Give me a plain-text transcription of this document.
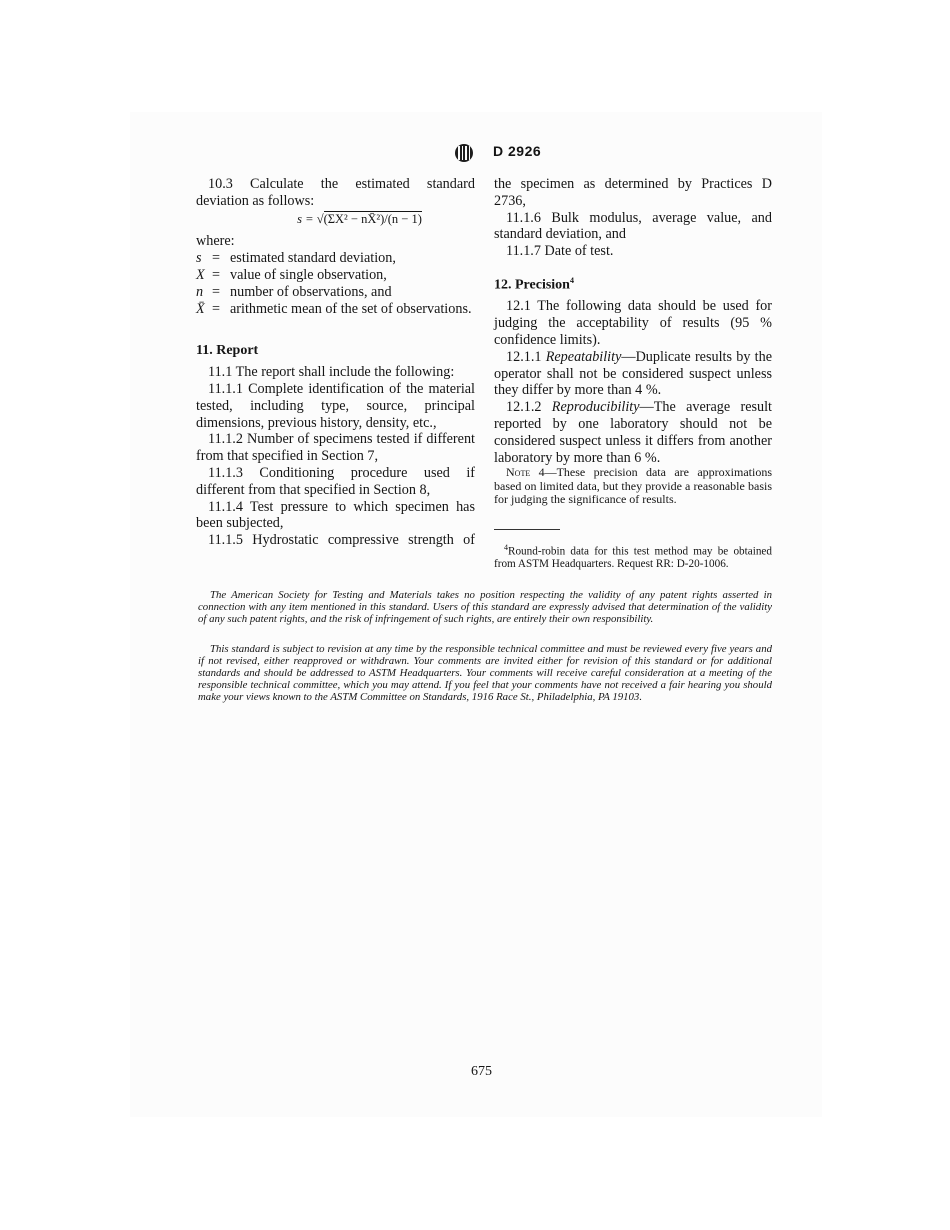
D 2926

10.3 Calculate the estimated standard deviation as follows:

s = √(ΣX² − nX̄²)/(n − 1)

where:

s = estimated standard deviation,
X = value of single observation,
n = number of observations, and
X̄ = arithmetic mean of the set of observations.
11. Report

11.1 The report shall include the following:

11.1.1 Complete identification of the material tested, including type, source, principal dimensions, previous history, density, etc.,

11.1.2 Number of specimens tested if different from that specified in Section 7,

11.1.3 Conditioning procedure used if different from that specified in Section 8,

11.1.4 Test pressure to which specimen has been subjected,

11.1.5 Hydrostatic compressive strength of

the specimen as determined by Practices D 2736,

11.1.6 Bulk modulus, average value, and standard deviation, and

11.1.7 Date of test.

12. Precision$^4$

12.1 The following data should be used for judging the acceptability of results (95 % confidence limits).

12.1.1 Repeatability—Duplicate results by the operator shall not be considered suspect unless they differ by more than 4 %.

12.1.2 Reproducibility—The average result reported by one laboratory should not be considered suspect unless it differs from another laboratory by more than 6 %.

Note 4—These precision data are approximations based on limited data, but they provide a reasonable basis for judging the significance of results.

$^4$Round-robin data for this test method may be obtained from ASTM Headquarters. Request RR: D-20-1006.

The American Society for Testing and Materials takes no position respecting the validity of any patent rights asserted in connection with any item mentioned in this standard. Users of this standard are expressly advised that determination of the validity of any such patent rights, and the risk of infringement of such rights, are entirely their own responsibility.

This standard is subject to revision at any time by the responsible technical committee and must be reviewed every five years and if not revised, either reapproved or withdrawn. Your comments are invited either for revision of this standard or for additional standards and should be addressed to ASTM Headquarters. Your comments will receive careful consideration at a meeting of the responsible technical committee, which you may attend. If you feel that your comments have not received a fair hearing you should make your views known to the ASTM Committee on Standards, 1916 Race St., Philadelphia, PA 19103.

675
